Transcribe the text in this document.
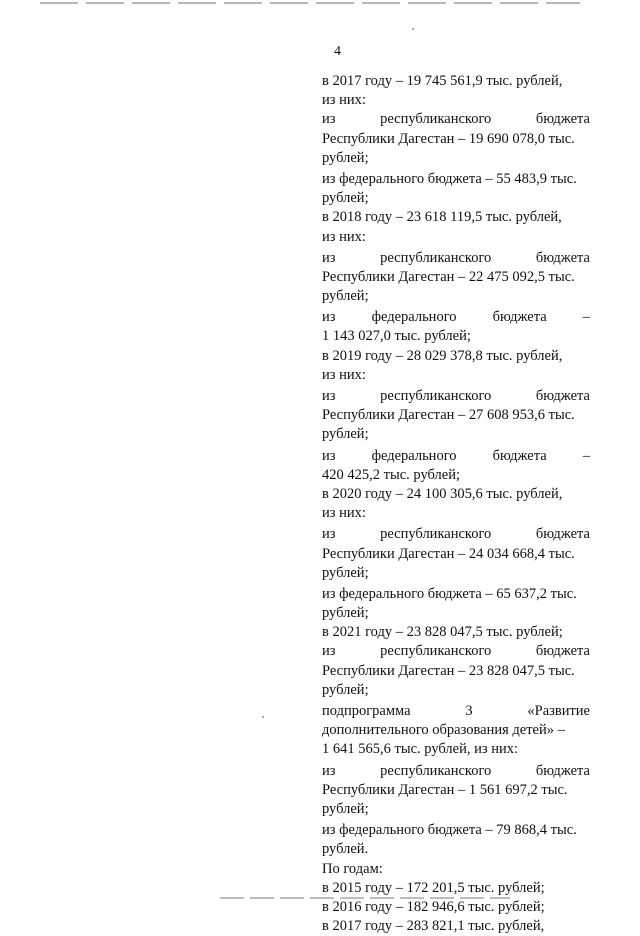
4
в 2017 году – 19 745 561,9 тыс. рублей,
из них:
из республиканского бюджета
Республики Дагестан – 19 690 078,0 тыс.
рублей;
из федерального бюджета – 55 483,9 тыс.
рублей;
в 2018 году – 23 618 119,5 тыс. рублей,
из них:
из республиканского бюджета
Республики Дагестан – 22 475 092,5 тыс.
рублей;
из федерального бюджета –
1 143 027,0 тыс. рублей;
в 2019 году – 28 029 378,8 тыс. рублей,
из них:
из республиканского бюджета
Республики Дагестан – 27 608 953,6 тыс.
рублей;
из федерального бюджета –
420 425,2 тыс. рублей;
в 2020 году – 24 100 305,6 тыс. рублей,
из них:
из республиканского бюджета
Республики Дагестан – 24 034 668,4 тыс.
рублей;
из федерального бюджета – 65 637,2 тыс.
рублей;
в 2021 году – 23 828 047,5 тыс. рублей;
из республиканского бюджета
Республики Дагестан – 23 828 047,5 тыс.
рублей;
подпрограмма 3 «Развитие
дополнительного образования детей» –
1 641 565,6 тыс. рублей, из них:
из республиканского бюджета
Республики Дагестан – 1 561 697,2 тыс.
рублей;
из федерального бюджета – 79 868,4 тыс.
рублей.
По годам:
в 2015 году – 172 201,5 тыс. рублей;
в 2016 году – 182 946,6 тыс. рублей;
в 2017 году – 283 821,1 тыс. рублей,
